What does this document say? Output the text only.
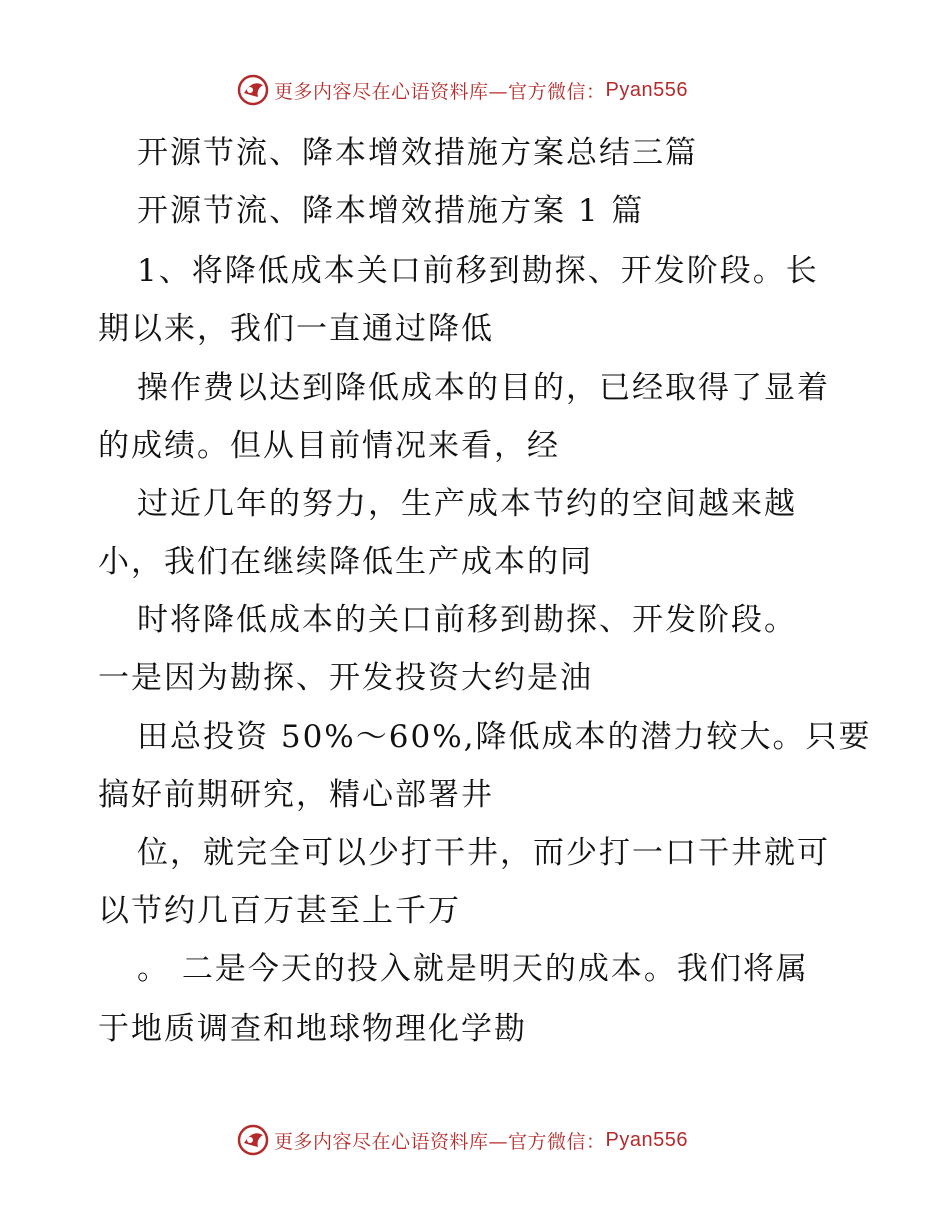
更多内容尽在心语资料库—官方微信： Pyan556
开源节流、降本增效措施方案总结三篇
开源节流、降本增效措施方案 1 篇
1、将降低成本关口前移到勘探、开发阶段。长
期以来，我们一直通过降低
操作费以达到降低成本的目的，已经取得了显着
的成绩。但从目前情况来看，经
过近几年的努力，生产成本节约的空间越来越
小，我们在继续降低生产成本的同
时将降低成本的关口前移到勘探、开发阶段。
一是因为勘探、开发投资大约是油
田总投资 50%～60%,降低成本的潜力较大。只要
搞好前期研究，精心部署井
位，就完全可以少打干井，而少打一口干井就可
以节约几百万甚至上千万
。 二是今天的投入就是明天的成本。我们将属
于地质调查和地球物理化学勘
更多内容尽在心语资料库—官方微信： Pyan556
